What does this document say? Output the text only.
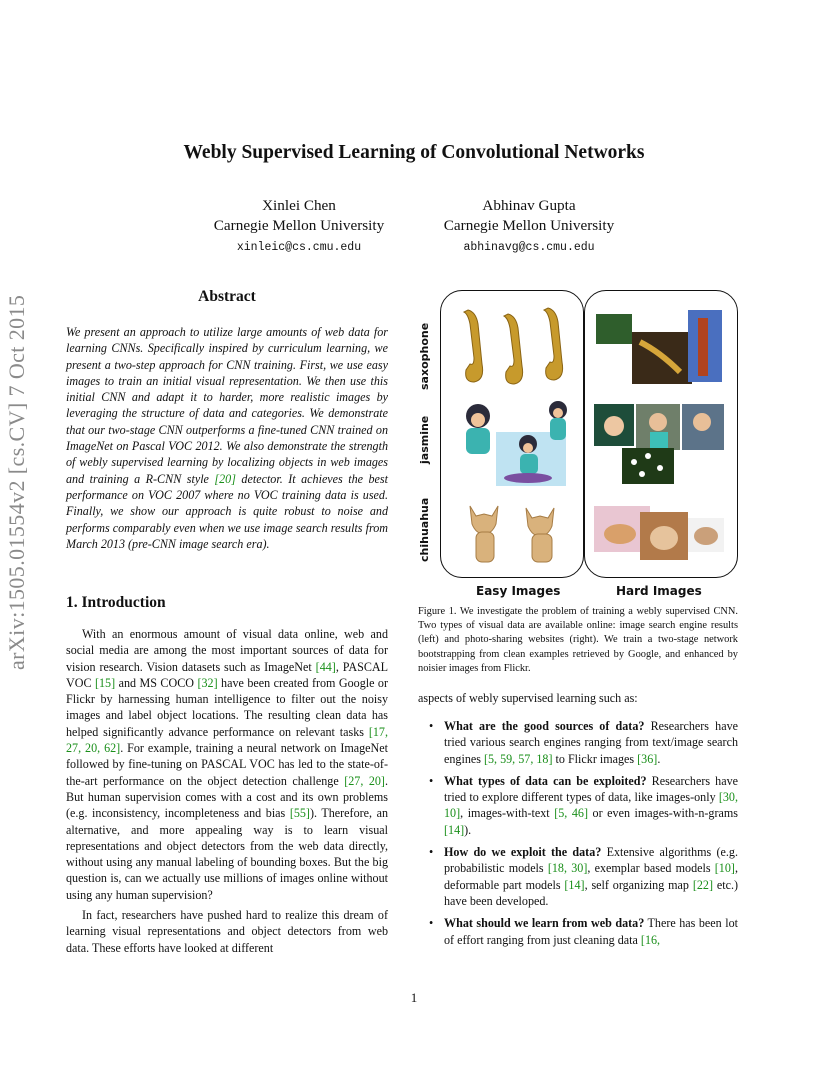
arXiv:1505.01554v2 [cs.CV] 7 Oct 2015
Webly Supervised Learning of Convolutional Networks
Xinlei Chen
Carnegie Mellon University
xinleic@cs.cmu.edu
Abhinav Gupta
Carnegie Mellon University
abhinavg@cs.cmu.edu
Abstract
We present an approach to utilize large amounts of web data for learning CNNs. Specifically inspired by curriculum learning, we present a two-step approach for CNN training. First, we use easy images to train an initial visual representation. We then use this initial CNN and adapt it to harder, more realistic images by leveraging the structure of data and categories. We demonstrate that our two-stage CNN outperforms a fine-tuned CNN trained on ImageNet on Pascal VOC 2012. We also demonstrate the strength of webly supervised learning by localizing objects in web images and training a R-CNN style [20] detector. It achieves the best performance on VOC 2007 where no VOC training data is used. Finally, we show our approach is quite robust to noise and performs comparably even when we use image search results from March 2013 (pre-CNN image search era).
1. Introduction

With an enormous amount of visual data online, web and social media are among the most important sources of data for vision research. Vision datasets such as ImageNet [44], PASCAL VOC [15] and MS COCO [32] have been created from Google or Flickr by harnessing human intelligence to filter out the noisy images and label object locations. The resulting clean data has helped significantly advance performance on relevant tasks [17, 27, 20, 62]. For example, training a neural network on ImageNet followed by fine-tuning on PASCAL VOC has led to the state-of-the-art performance on the object detection challenge [27, 20]. But human supervision comes with a cost and its own problems (e.g. inconsistency, incompleteness and bias [55]). Therefore, an alternative, and more appealing way is to learn visual representations and object detectors from the web data directly, without using any manual labeling of bounding boxes. But the big question is, can we actually use millions of images online without using any human supervision?

In fact, researchers have pushed hard to realize this dream of learning visual representations and object detectors from web data. These efforts have looked at different

saxophone
jasmine
chihuahua
Easy Images	Hard Images
Figure 1. We investigate the problem of training a webly supervised CNN. Two types of visual data are available online: image search engine results (left) and photo-sharing websites (right). We train a two-stage network bootstrapping from clean examples retrieved by Google, and enhanced by noisier images from Flickr.
aspects of webly supervised learning such as:
• What are the good sources of data? Researchers have tried various search engines ranging from text/image search engines [5, 59, 57, 18] to Flickr images [36].
• What types of data can be exploited? Researchers have tried to explore different types of data, like images-only [30, 10], images-with-text [5, 46] or even images-with-n-grams [14]).
• How do we exploit the data? Extensive algorithms (e.g. probabilistic models [18, 30], exemplar based models [10], deformable part models [14], self organizing map [22] etc.) have been developed.
• What should we learn from web data? There has been lot of effort ranging from just cleaning data [16,
1
